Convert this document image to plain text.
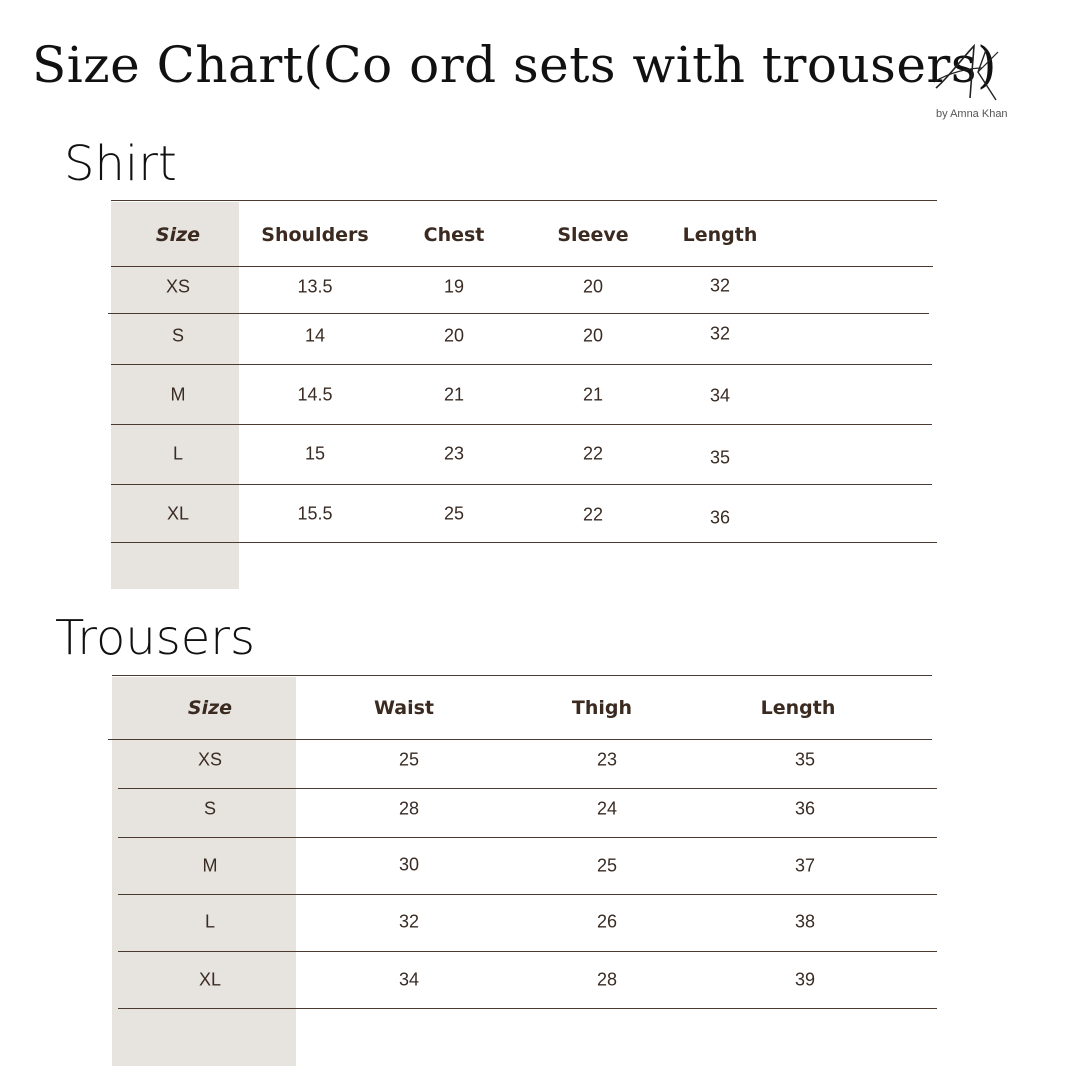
Size Chart(Co ord sets with trousers)
by Amna Khan
Shirt
Size	Shoulders	Chest	Sleeve	Length
XS	13.5	19	20	32
S	14	20	20	32
M	14.5	21	21	34
L	15	23	22	35
XL	15.5	25	22	36
Trousers
Size	Waist	Thigh	Length
XS	25	23	35
S	28	24	36
M	30	25	37
L	32	26	38
XL	34	28	39
